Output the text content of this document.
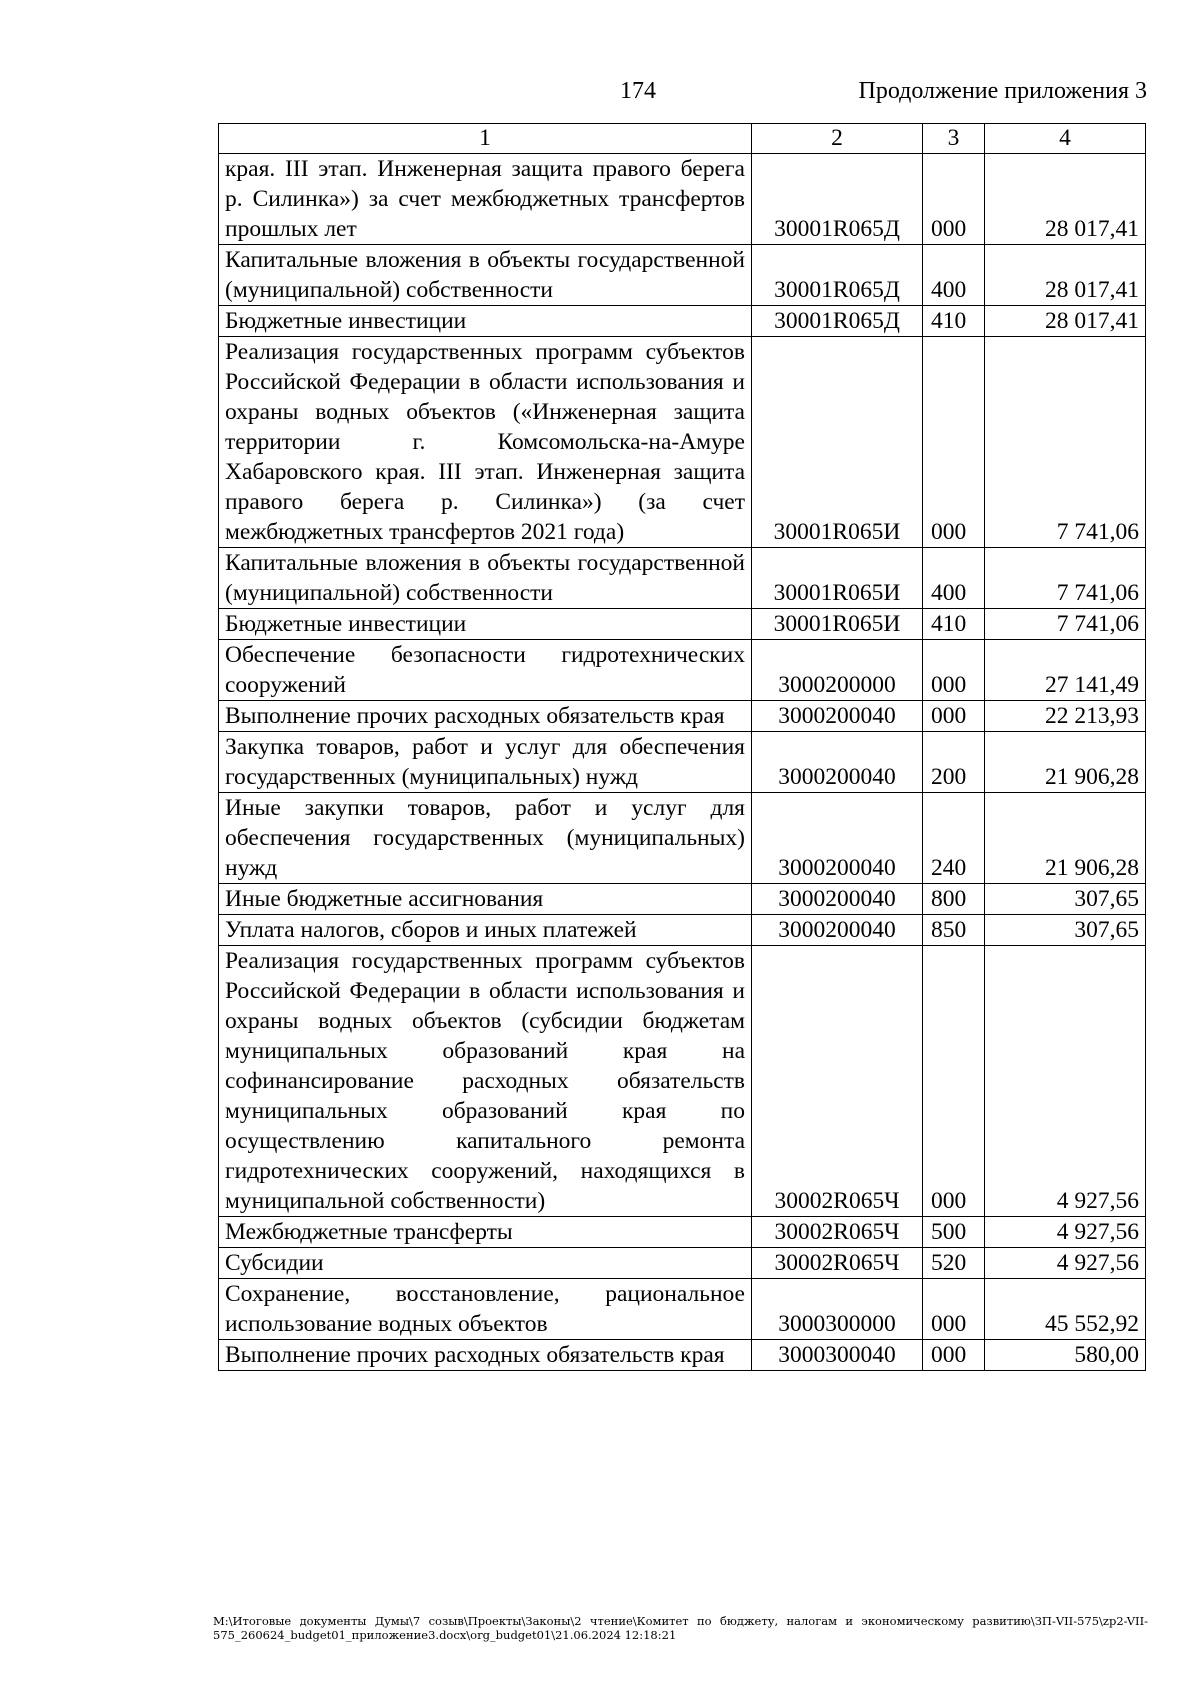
174	Продолжение приложения 3
1	2	3	4
края. III этап. Инженерная защита правого берега р. Силинка») за счет межбюджетных трансфертов прошлых лет	30001R065Д	000	28 017,41
Капитальные вложения в объекты государственной (муниципальной) собственности	30001R065Д	400	28 017,41
Бюджетные инвестиции	30001R065Д	410	28 017,41
Реализация государственных программ субъектов Российской Федерации в области использования и охраны водных объектов («Инженерная защита территории г. Комсомольска-на-Амуре Хабаровского края. III этап. Инженерная защита правого берега р. Силинка») (за счет межбюджетных трансфертов 2021 года)	30001R065И	000	7 741,06
Капитальные вложения в объекты государственной (муниципальной) собственности	30001R065И	400	7 741,06
Бюджетные инвестиции	30001R065И	410	7 741,06
Обеспечение безопасности гидротехнических сооружений	3000200000	000	27 141,49
Выполнение прочих расходных обязательств края	3000200040	000	22 213,93
Закупка товаров, работ и услуг для обеспечения государственных (муниципальных) нужд	3000200040	200	21 906,28
Иные закупки товаров, работ и услуг для обеспечения государственных (муниципальных) нужд	3000200040	240	21 906,28
Иные бюджетные ассигнования	3000200040	800	307,65
Уплата налогов, сборов и иных платежей	3000200040	850	307,65
Реализация государственных программ субъектов Российской Федерации в области использования и охраны водных объектов (субсидии бюджетам муниципальных образований края на софинансирование расходных обязательств муниципальных образований края по осуществлению капитального ремонта гидротехнических сооружений, находящихся в муниципальной собственности)	30002R065Ч	000	4 927,56
Межбюджетные трансферты	30002R065Ч	500	4 927,56
Субсидии	30002R065Ч	520	4 927,56
Сохранение, восстановление, рациональное использование водных объектов	3000300000	000	45 552,92
Выполнение прочих расходных обязательств края	3000300040	000	580,00
M:\Итоговые документы Думы\7 созыв\Проекты\Законы\2 чтение\Комитет по бюджету, налогам и экономическому развитию\ЗП-VII-575\zp2-VII-575_260624_budget01_приложение3.docx\org_budget01\21.06.2024 12:18:21
